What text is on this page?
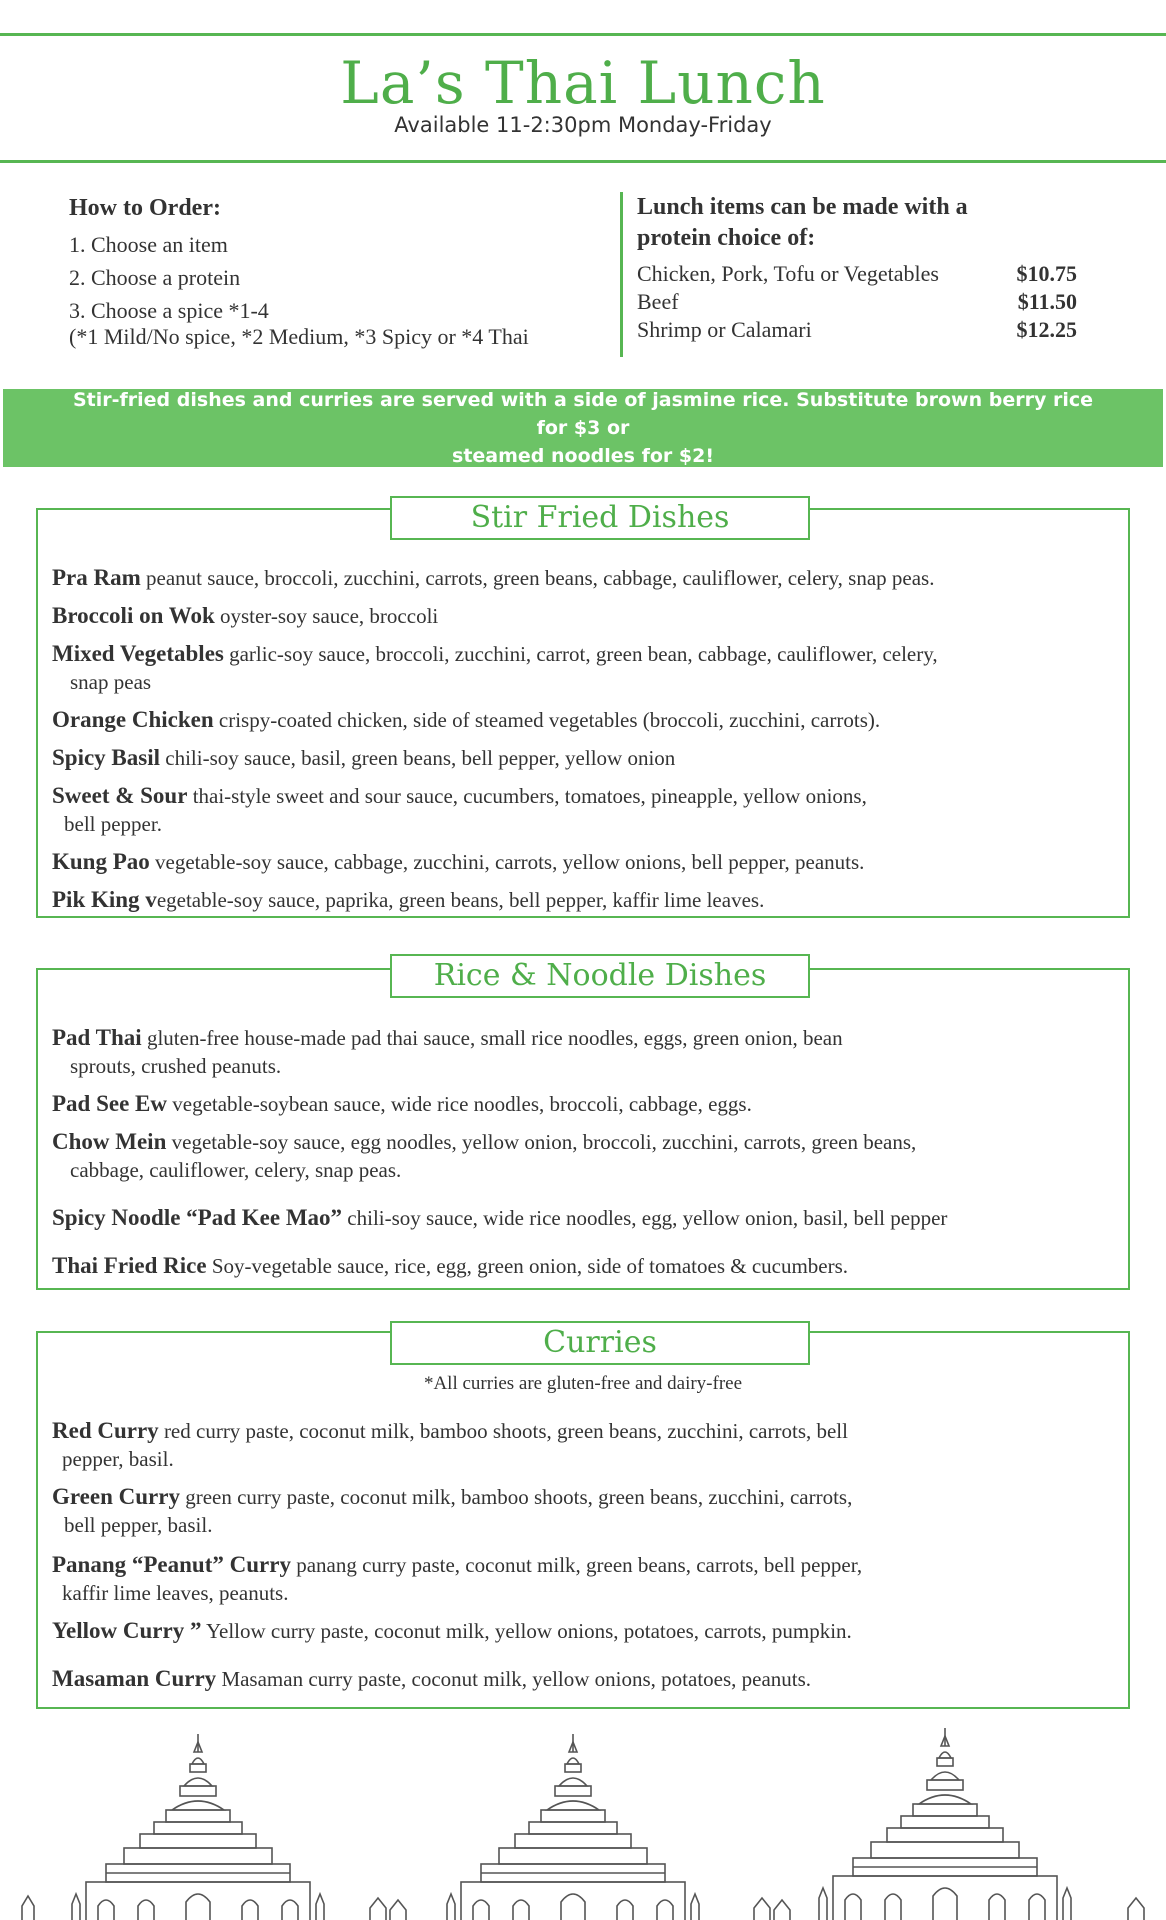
La’s Thai Lunch
Available 11-2:30pm Monday-Friday
How to Order:
1. Choose an item
2. Choose a protein
3. Choose a spice *1-4
(*1 Mild/No spice, *2 Medium, *3 Spicy or *4 Thai
Lunch items can be made with a
protein choice of:
Chicken, Pork, Tofu or Vegetables	$10.75
Beef	$11.50
Shrimp or Calamari	$12.25
Stir-fried dishes and curries are served with a side of jasmine rice. Substitute brown berry rice for $3 or
steamed noodles for $2!
Stir Fried Dishes
Pra Ram peanut sauce, broccoli, zucchini, carrots, green beans, cabbage, cauliflower, celery, snap peas.
Broccoli on Wok oyster-soy sauce, broccoli
Mixed Vegetables garlic-soy sauce, broccoli, zucchini, carrot, green bean, cabbage, cauliflower, celery,
snap peas
Orange Chicken crispy-coated chicken, side of steamed vegetables (broccoli, zucchini, carrots).
Spicy Basil chili-soy sauce, basil, green beans, bell pepper, yellow onion
Sweet & Sour thai-style sweet and sour sauce, cucumbers, tomatoes, pineapple, yellow onions,
bell pepper.
Kung Pao vegetable-soy sauce, cabbage, zucchini, carrots, yellow onions, bell pepper, peanuts.
Pik King vegetable-soy sauce, paprika, green beans, bell pepper, kaffir lime leaves.
Rice & Noodle Dishes
Pad Thai gluten-free house-made pad thai sauce, small rice noodles, eggs, green onion, bean
sprouts, crushed peanuts.
Pad See Ew vegetable-soybean sauce, wide rice noodles, broccoli, cabbage, eggs.
Chow Mein vegetable-soy sauce, egg noodles, yellow onion, broccoli, zucchini, carrots, green beans,
cabbage, cauliflower, celery, snap peas.
Spicy Noodle “Pad Kee Mao” chili-soy sauce, wide rice noodles, egg, yellow onion, basil, bell pepper
Thai Fried Rice Soy-vegetable sauce, rice, egg, green onion, side of tomatoes & cucumbers.
Curries
*All curries are gluten-free and dairy-free
Red Curry red curry paste, coconut milk, bamboo shoots, green beans, zucchini, carrots, bell
pepper, basil.
Green Curry green curry paste, coconut milk, bamboo shoots, green beans, zucchini, carrots,
bell pepper, basil.
Panang “Peanut” Curry panang curry paste, coconut milk, green beans, carrots, bell pepper,
kaffir lime leaves, peanuts.
Yellow Curry ” Yellow curry paste, coconut milk, yellow onions, potatoes, carrots, pumpkin.
Masaman Curry Masaman curry paste, coconut milk, yellow onions, potatoes, peanuts.
